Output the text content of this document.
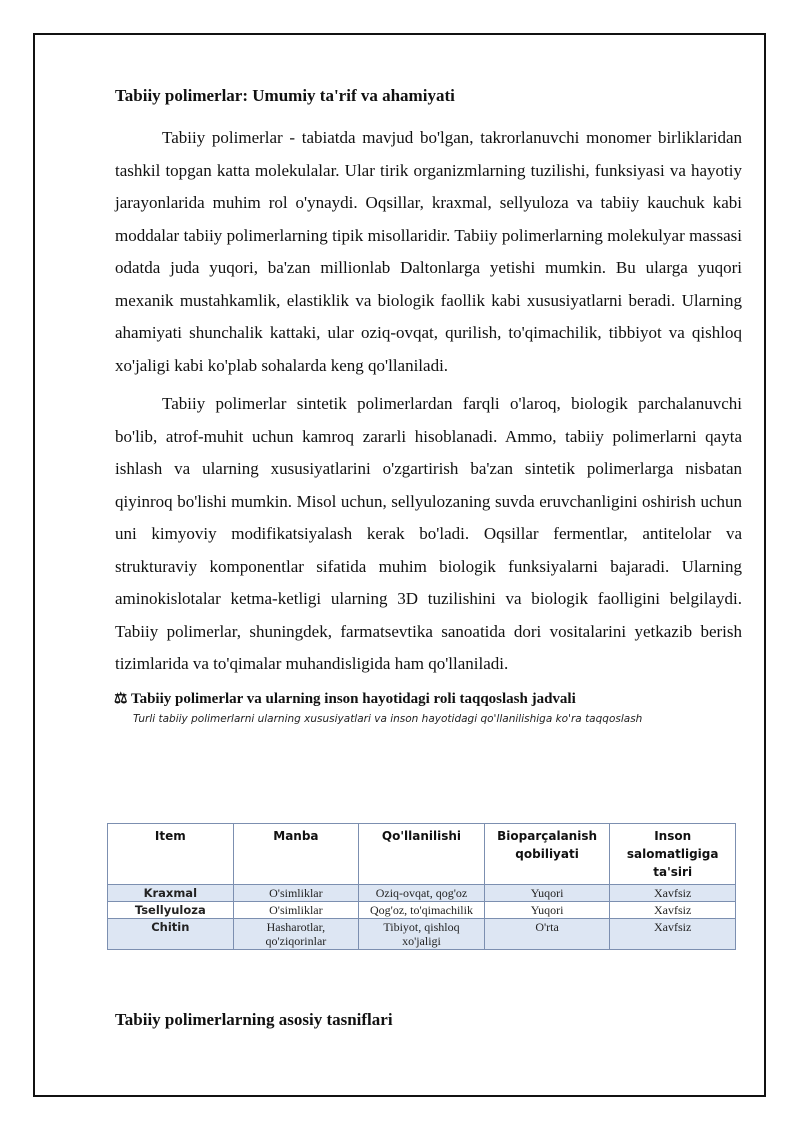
Tabiiy polimerlar: Umumiy ta'rif va ahamiyati

Tabiiy polimerlar - tabiatda mavjud bo'lgan, takrorlanuvchi monomer birliklaridan tashkil topgan katta molekulalar. Ular tirik organizmlarning tuzilishi, funksiyasi va hayotiy jarayonlarida muhim rol o'ynaydi. Oqsillar, kraxmal, sellyuloza va tabiiy kauchuk kabi moddalar tabiiy polimerlarning tipik misollaridir. Tabiiy polimerlarning molekulyar massasi odatda juda yuqori, ba'zan millionlab Daltonlarga yetishi mumkin. Bu ularga yuqori mexanik mustahkamlik, elastiklik va biologik faollik kabi xususiyatlarni beradi. Ularning ahamiyati shunchalik kattaki, ular oziq-ovqat, qurilish, to'qimachilik, tibbiyot va qishloq xo'jaligi kabi ko'plab sohalarda keng qo'llaniladi.

Tabiiy polimerlar sintetik polimerlardan farqli o'laroq, biologik parchalanuvchi bo'lib, atrof-muhit uchun kamroq zararli hisoblanadi. Ammo, tabiiy polimerlarni qayta ishlash va ularning xususiyatlarini o'zgartirish ba'zan sintetik polimerlarga nisbatan qiyinroq bo'lishi mumkin. Misol uchun, sellyulozaning suvda eruvchanligini oshirish uchun uni kimyoviy modifikatsiyalash kerak bo'ladi. Oqsillar fermentlar, antitelolar va strukturaviy komponentlar sifatida muhim biologik funksiyalarni bajaradi. Ularning aminokislotalar ketma-ketligi ularning 3D tuzilishini va biologik faolligini belgilaydi. Tabiiy polimerlar, shuningdek, farmatsevtika sanoatida dori vositalarini yetkazib berish tizimlarida va to'qimalar muhandisligida ham qo'llaniladi.

⚖ Tabiiy polimerlar va ularning inson hayotidagi roli taqqoslash jadvali
Turli tabiiy polimerlarni ularning xususiyatlari va inson hayotidagi qo'llanilishiga ko'ra taqqoslash
Item	Manba	Qo'llanilishi	Bioparçalanish qobiliyati	Inson salomatligiga ta'siri
Kraxmal	O'simliklar	Oziq-ovqat, qog'oz	Yuqori	Xavfsiz
Tsellyuloza	O'simliklar	Qog'oz, to'qimachilik	Yuqori	Xavfsiz
Chitin	Hasharotlar, qo'ziqorinlar	Tibiyot, qishloq xo'jaligi	O'rta	Xavfsiz
Tabiiy polimerlarning asosiy tasniflari
